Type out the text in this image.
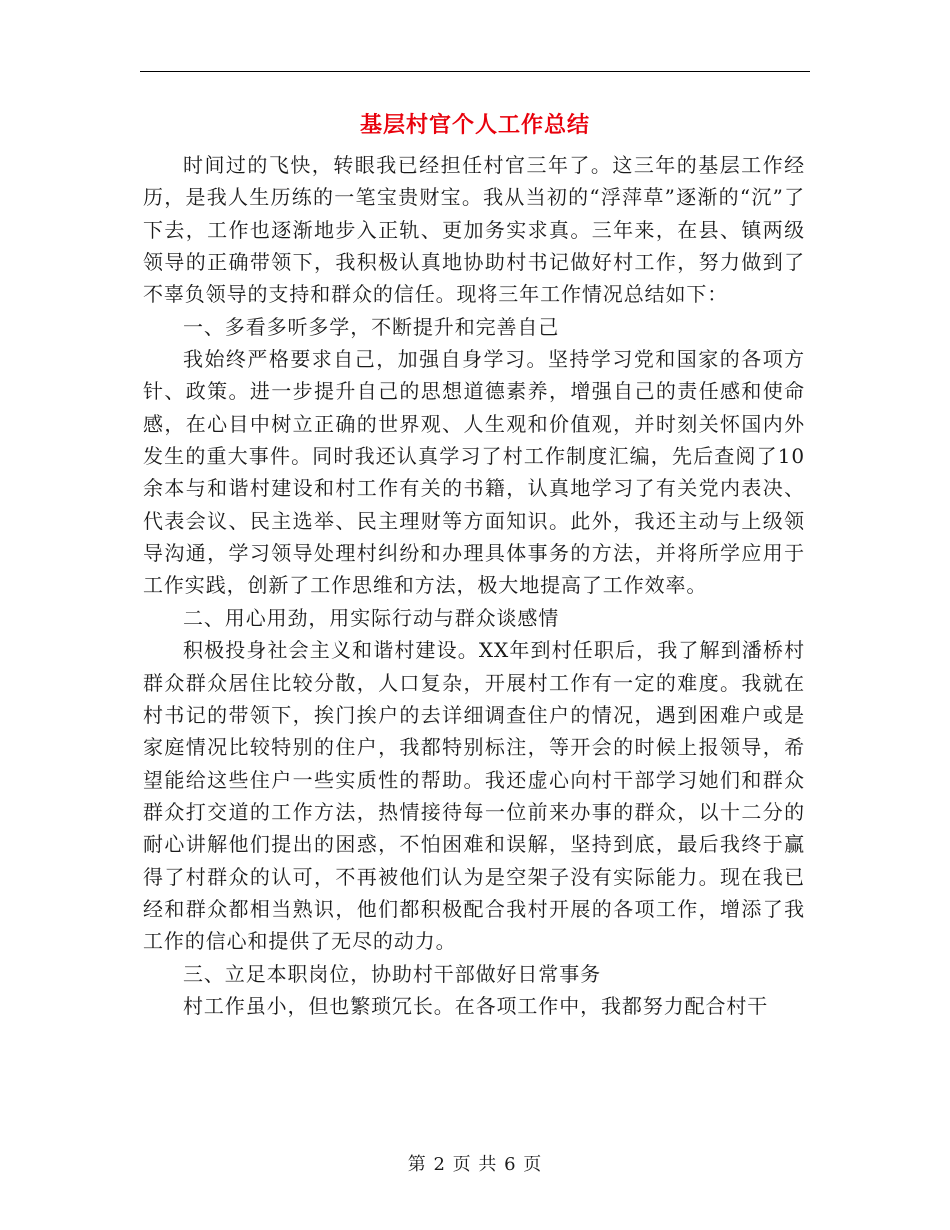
基层村官个人工作总结

时间过的飞快，转眼我已经担任村官三年了。这三年的基层工作经历，是我人生历练的一笔宝贵财宝。我从当初的“浮萍草”逐渐的“沉”了下去，工作也逐渐地步入正轨、更加务实求真。三年来，在县、镇两级领导的正确带领下，我积极认真地协助村书记做好村工作，努力做到了不辜负领导的支持和群众的信任。现将三年工作情况总结如下：

一、多看多听多学，不断提升和完善自己

我始终严格要求自己，加强自身学习。坚持学习党和国家的各项方针、政策。进一步提升自己的思想道德素养，增强自己的责任感和使命感，在心目中树立正确的世界观、人生观和价值观，并时刻关怀国内外发生的重大事件。同时我还认真学习了村工作制度汇编，先后查阅了10余本与和谐村建设和村工作有关的书籍，认真地学习了有关党内表决、代表会议、民主选举、民主理财等方面知识。此外，我还主动与上级领导沟通，学习领导处理村纠纷和办理具体事务的方法，并将所学应用于工作实践，创新了工作思维和方法，极大地提高了工作效率。

二、用心用劲，用实际行动与群众谈感情

积极投身社会主义和谐村建设。XX年到村任职后，我了解到潘桥村群众群众居住比较分散，人口复杂，开展村工作有一定的难度。我就在村书记的带领下，挨门挨户的去详细调查住户的情况，遇到困难户或是家庭情况比较特别的住户，我都特别标注，等开会的时候上报领导，希望能给这些住户一些实质性的帮助。我还虚心向村干部学习她们和群众群众打交道的工作方法，热情接待每一位前来办事的群众，以十二分的耐心讲解他们提出的困惑，不怕困难和误解，坚持到底，最后我终于赢得了村群众的认可，不再被他们认为是空架子没有实际能力。现在我已经和群众都相当熟识，他们都积极配合我村开展的各项工作，增添了我工作的信心和提供了无尽的动力。

三、立足本职岗位，协助村干部做好日常事务

村工作虽小，但也繁琐冗长。在各项工作中，我都努力配合村干

第 2 页 共 6 页
